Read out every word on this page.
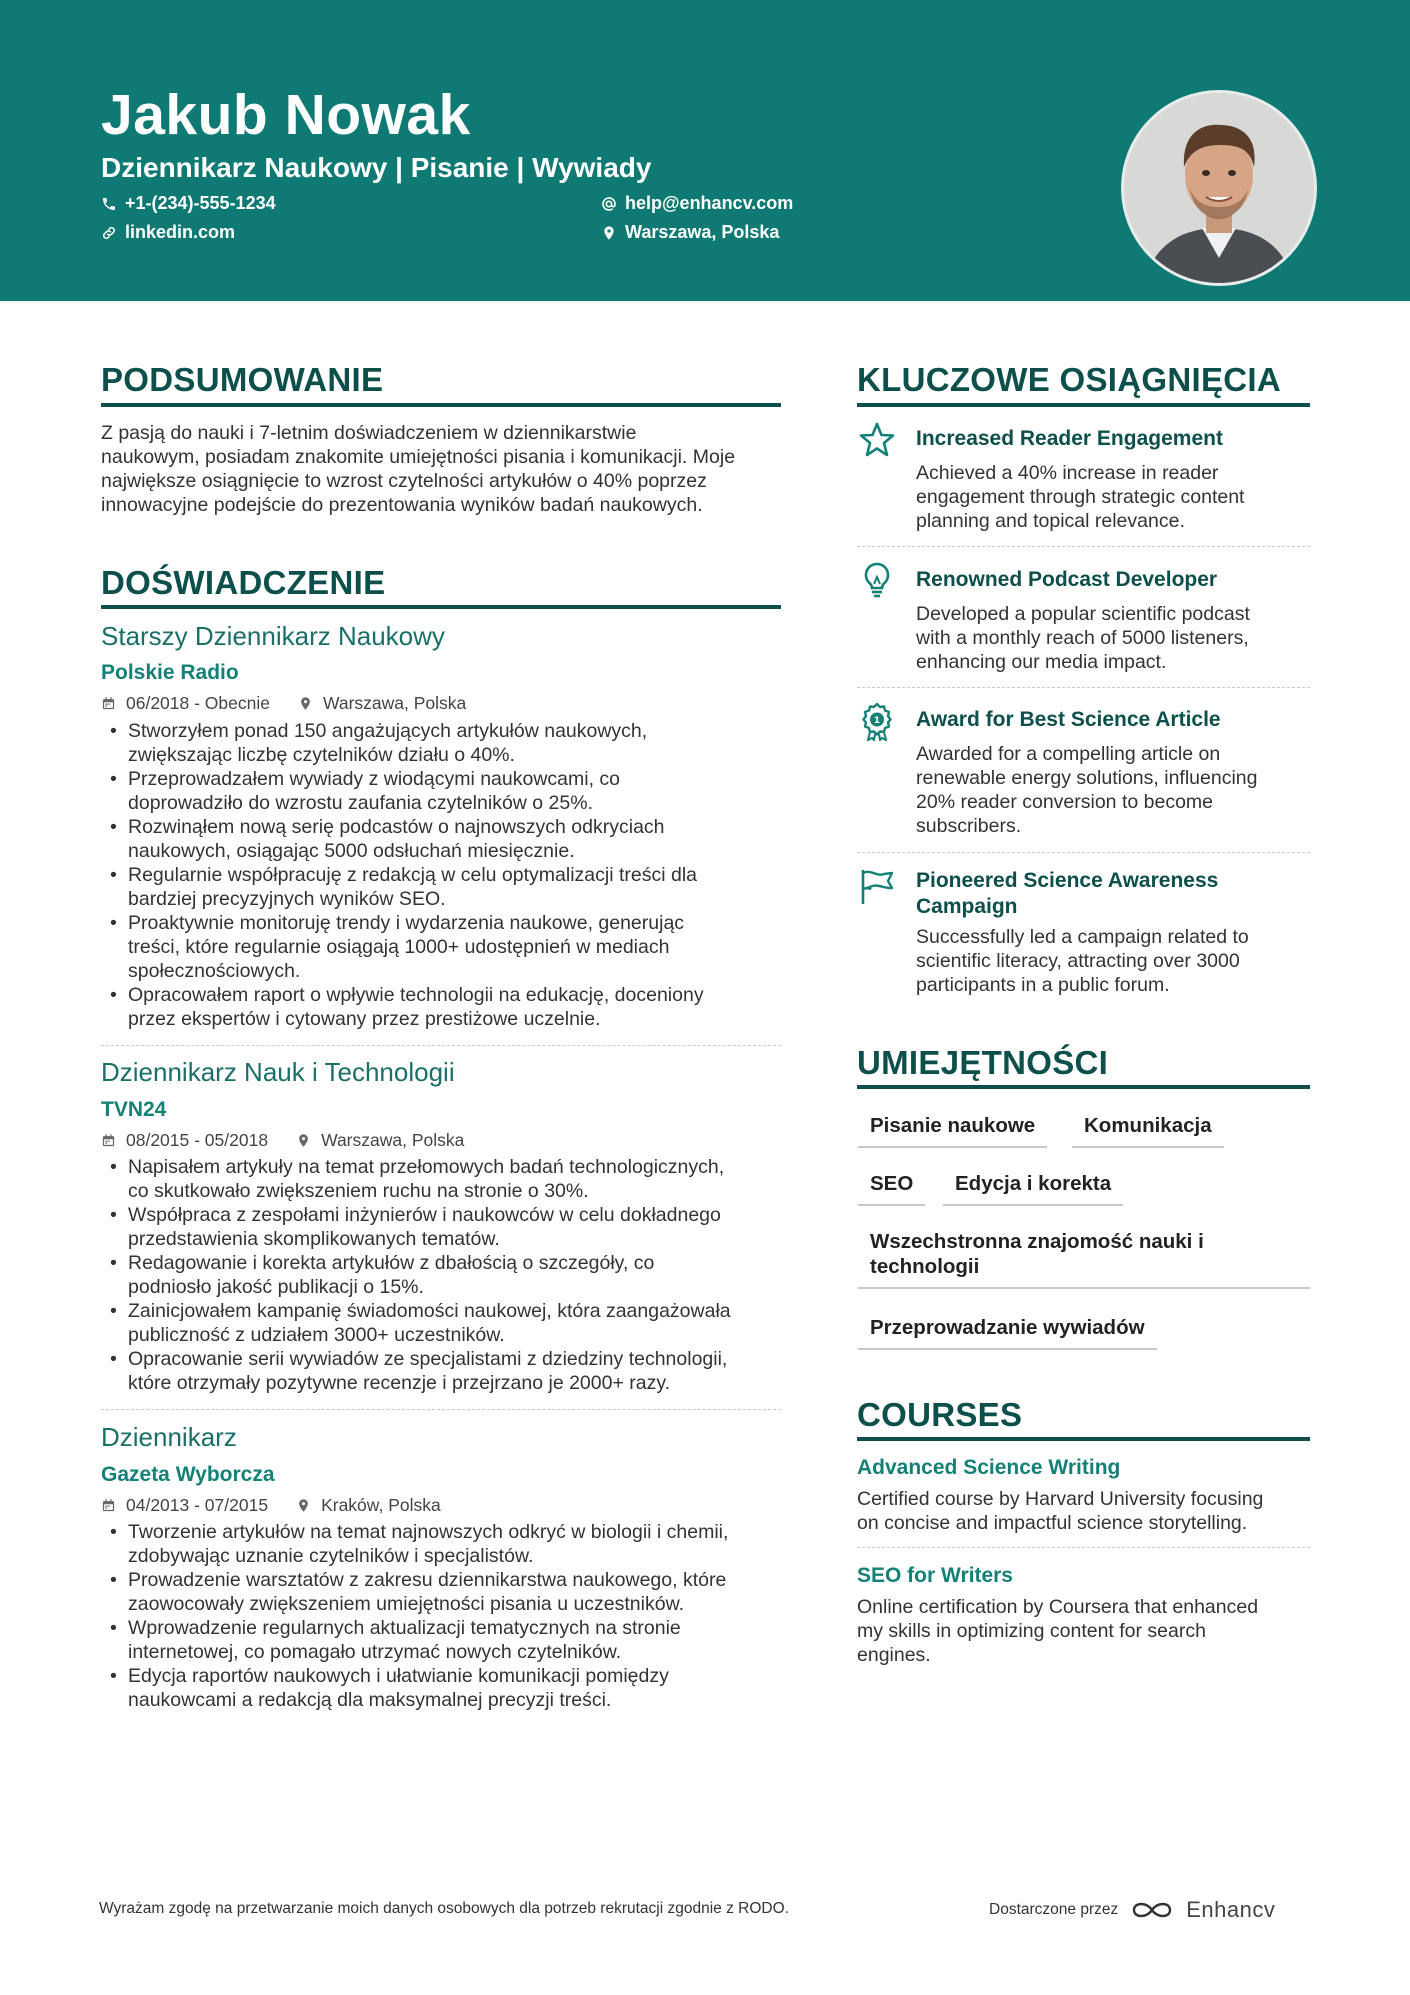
Jakub Nowak
Dziennikarz Naukowy | Pisanie | Wywiady
+1-(234)-555-1234	help@enhancv.com
linkedin.com	Warszawa, Polska
PODSUMOWANIE
Z pasją do nauki i 7-letnim doświadczeniem w dziennikarstwie
naukowym, posiadam znakomite umiejętności pisania i komunikacji. Moje
największe osiągnięcie to wzrost czytelności artykułów o 40% poprzez
innowacyjne podejście do prezentowania wyników badań naukowych.
DOŚWIADCZENIE
Starszy Dziennikarz Naukowy
Polskie Radio
06/2018 - Obecnie	Warszawa, Polska
• Stworzyłem ponad 150 angażujących artykułów naukowych,
zwiększając liczbę czytelników działu o 40%.
• Przeprowadzałem wywiady z wiodącymi naukowcami, co
doprowadziło do wzrostu zaufania czytelników o 25%.
• Rozwinąłem nową serię podcastów o najnowszych odkryciach
naukowych, osiągając 5000 odsłuchań miesięcznie.
• Regularnie współpracuję z redakcją w celu optymalizacji treści dla
bardziej precyzyjnych wyników SEO.
• Proaktywnie monitoruję trendy i wydarzenia naukowe, generując
treści, które regularnie osiągają 1000+ udostępnień w mediach
społecznościowych.
• Opracowałem raport o wpływie technologii na edukację, doceniony
przez ekspertów i cytowany przez prestiżowe uczelnie.
Dziennikarz Nauk i Technologii
TVN24
08/2015 - 05/2018	Warszawa, Polska
• Napisałem artykuły na temat przełomowych badań technologicznych,
co skutkowało zwiększeniem ruchu na stronie o 30%.
• Współpraca z zespołami inżynierów i naukowców w celu dokładnego
przedstawienia skomplikowanych tematów.
• Redagowanie i korekta artykułów z dbałością o szczegóły, co
podniosło jakość publikacji o 15%.
• Zainicjowałem kampanię świadomości naukowej, która zaangażowała
publiczność z udziałem 3000+ uczestników.
• Opracowanie serii wywiadów ze specjalistami z dziedziny technologii,
które otrzymały pozytywne recenzje i przejrzano je 2000+ razy.
Dziennikarz
Gazeta Wyborcza
04/2013 - 07/2015	Kraków, Polska
• Tworzenie artykułów na temat najnowszych odkryć w biologii i chemii,
zdobywając uznanie czytelników i specjalistów.
• Prowadzenie warsztatów z zakresu dziennikarstwa naukowego, które
zaowocowały zwiększeniem umiejętności pisania u uczestników.
• Wprowadzenie regularnych aktualizacji tematycznych na stronie
internetowej, co pomagało utrzymać nowych czytelników.
• Edycja raportów naukowych i ułatwianie komunikacji pomiędzy
naukowcami a redakcją dla maksymalnej precyzji treści.
KLUCZOWE OSIĄGNIĘCIA
Increased Reader Engagement
Achieved a 40% increase in reader
engagement through strategic content
planning and topical relevance.
Renowned Podcast Developer
Developed a popular scientific podcast
with a monthly reach of 5000 listeners,
enhancing our media impact.
1 Award for Best Science Article
Awarded for a compelling article on
renewable energy solutions, influencing
20% reader conversion to become
subscribers.
Pioneered Science Awareness
Campaign
Successfully led a campaign related to
scientific literacy, attracting over 3000
participants in a public forum.
UMIEJĘTNOŚCI
Pisanie naukowe	Komunikacja
SEO	Edycja i korekta
Wszechstronna znajomość nauki i technologii
Przeprowadzanie wywiadów
COURSES
Advanced Science Writing
Certified course by Harvard University focusing
on concise and impactful science storytelling.
SEO for Writers
Online certification by Coursera that enhanced
my skills in optimizing content for search
engines.
Wyrażam zgodę na przetwarzanie moich danych osobowych dla potrzeb rekrutacji zgodnie z RODO.	Dostarczone przez	Enhancv
